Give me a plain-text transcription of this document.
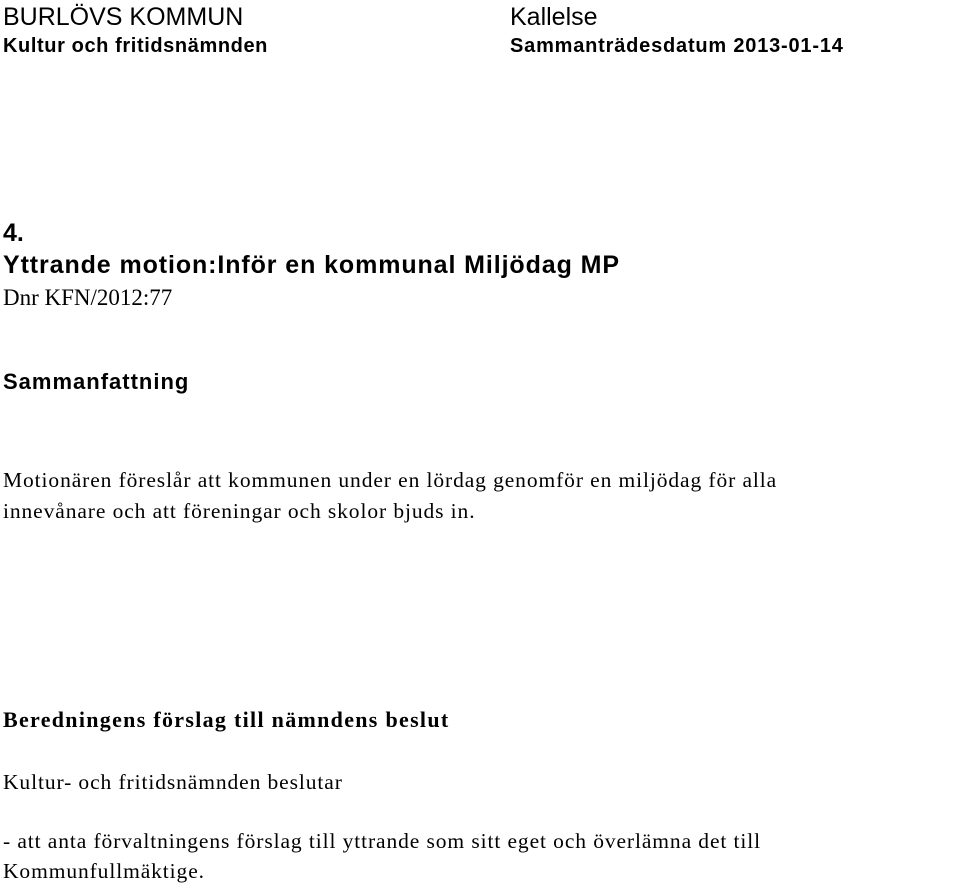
BURLÖVS KOMMUN	Kallelse
Kultur och fritidsnämnden	Sammanträdesdatum 2013-01-14
4.
Yttrande motion:Inför en kommunal Miljödag MP
Dnr KFN/2012:77
Sammanfattning
Motionären föreslår att kommunen under en lördag genomför en miljödag för alla
innevånare och att föreningar och skolor bjuds in.
Beredningens förslag till nämndens beslut
Kultur- och fritidsnämnden beslutar
- att anta förvaltningens förslag till yttrande som sitt eget och överlämna det till
Kommunfullmäktige.
